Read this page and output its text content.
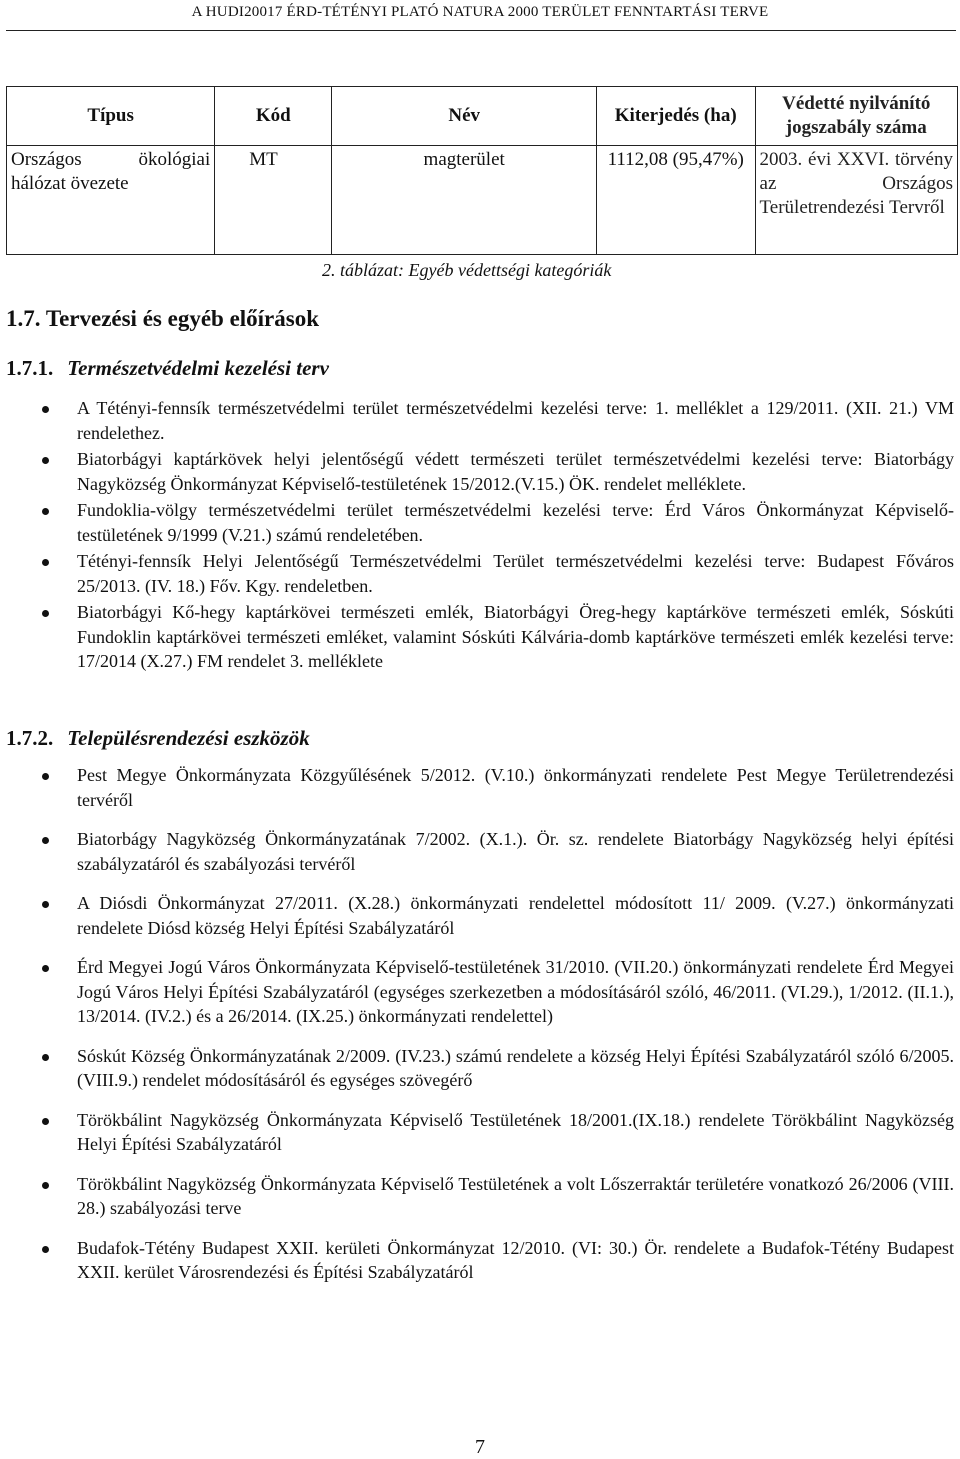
A HUDI20017 ÉRD-TÉTÉNYI PLATÓ NATURA 2000 TERÜLET FENNTARTÁSI TERVE
Típus	Kód	Név	Kiterjedés (ha)	Védetté nyilvánító jogszabály száma
Országos ökológiai hálózat övezete	MT	magterület	1112,08 (95,47%)	2003. évi XXVI. törvény az Országos Területrendezési Tervről
2. táblázat: Egyéb védettségi kategóriák
1.7. Tervezési és egyéb előírások
1.7.1. Természetvédelmi kezelési terv
A Tétényi-fennsík természetvédelmi terület természetvédelmi kezelési terve: 1. melléklet a 129/2011. (XII. 21.) VM rendelethez.
Biatorbágyi kaptárkövek helyi jelentőségű védett természeti terület természetvédelmi kezelési terve: Biatorbágy Nagyközség Önkormányzat Képviselő-testületének 15/2012.(V.15.) ÖK. rendelet melléklete.
Fundoklia-völgy természetvédelmi terület természetvédelmi kezelési terve: Érd Város Önkormányzat Képviselő-testületének 9/1999 (V.21.) számú rendeletében.
Tétényi-fennsík Helyi Jelentőségű Természetvédelmi Terület természetvédelmi kezelési terve: Budapest Főváros 25/2013. (IV. 18.) Főv. Kgy. rendeletben.
Biatorbágyi Kő-hegy kaptárkövei természeti emlék, Biatorbágyi Öreg-hegy kaptárköve természeti emlék, Sóskúti Fundoklin kaptárkövei természeti emléket, valamint Sóskúti Kálvária-domb kaptárköve természeti emlék kezelési terve: 17/2014 (X.27.) FM rendelet 3. melléklete
1.7.2. Településrendezési eszközök
Pest Megye Önkormányzata Közgyűlésének 5/2012. (V.10.) önkormányzati rendelete Pest Megye Területrendezési tervéről
Biatorbágy Nagyközség Önkormányzatának 7/2002. (X.1.). Ör. sz. rendelete Biatorbágy Nagyközség helyi építési szabályzatáról és szabályozási tervéről
A Diósdi Önkormányzat 27/2011. (X.28.) önkormányzati rendelettel módosított 11/ 2009. (V.27.) önkormányzati rendelete Diósd község Helyi Építési Szabályzatáról
Érd Megyei Jogú Város Önkormányzata Képviselő-testületének 31/2010. (VII.20.) önkormányzati rendelete Érd Megyei Jogú Város Helyi Építési Szabályzatáról (egységes szerkezetben a módosításáról szóló, 46/2011. (VI.29.), 1/2012. (II.1.), 13/2014. (IV.2.) és a 26/2014. (IX.25.) önkormányzati rendelettel)
Sóskút Község Önkormányzatának 2/2009. (IV.23.) számú rendelete a község Helyi Építési Szabályzatáról szóló 6/2005.(VIII.9.) rendelet módosításáról és egységes szövegérő
Törökbálint Nagyközség Önkormányzata Képviselő Testületének 18/2001.(IX.18.) rendelete Törökbálint Nagyközség Helyi Építési Szabályzatáról
Törökbálint Nagyközség Önkormányzata Képviselő Testületének a volt Lőszerraktár területére vonatkozó 26/2006 (VIII. 28.) szabályozási terve
Budafok-Tétény Budapest XXII. kerületi Önkormányzat 12/2010. (VI: 30.) Ör. rendelete a Budafok-Tétény Budapest XXII. kerület Városrendezési és Építési Szabályzatáról
7
